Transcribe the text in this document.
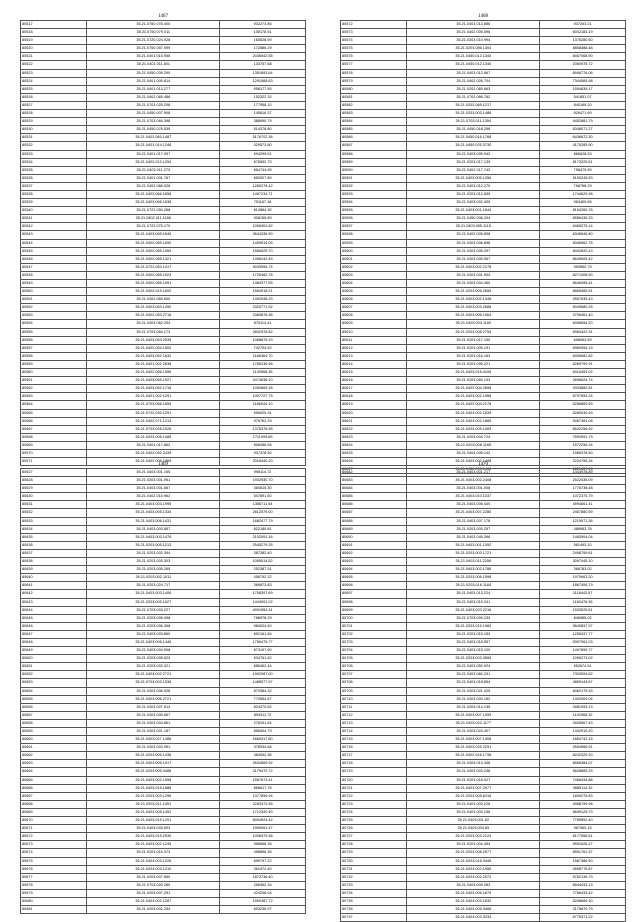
1467
80517	35.21.0750.078.400	932273.86
80518	35.21.0750.079.011	108178.51
80519	35.21.0720.024.928	165528.59
80520	35.21.0750.057.999	172686.29
80521	35.21.0401.015.955	2036542.55
80522	35.21.0401.011.601	133757.68
80523	35.21.0450.039.290	1351893.64
80524	35.21.0401.005.814	1291568.63
80525	35.21.0401.013.277	958177.55
80526	35.21.0402.065.486	152322.32
80527	35.21.0703.025.206	177958.10
80528	35.21.0450.007.908	140816.37
80529	35.21.0703.084.398	388990.79
80530	35.21.0450.076.539	514378.80
80531	35.21.0402.063.1487	5176702.36
80532	35.21.0401.014.1248	329573.80
80533	35.21.0401.017.097	594299.61
80534	35.21.0402.013.1254	876552.70
80535	35.21.0402.011.273	854744.65
80536	35.21.0401.001.767	850927.80
80537	35.21.0402.066.926	1280278.42
80538	35.21.0402.066.1658	1467234.71
80539	35.21.0403.066.1638	751167.18
80540	35.21.0722.050.268	814884.30
80541	35.21.0402.011.1166	908156.89
80542	35.21.0722.075.170	1056302.82
80543	35.21.0403.065.1646	3644336.90
80544	35.21.0402.065.1690	1459914.09
80545	35.21.0402.065.1559	1566529.70
80546	35.21.0402.065.1321	1398142.49
80547	35.21.0722.053.1417	3033996.74
80548	35.21.0402.065.1923	1725482.76
80549	35.21.0402.065.1591	1384377.55
80550	35.21.0402.015.1602	1564918.21
80551	35.21.0402.065.600	1392948.29
80552	35.21.0403.053.1490	2325771.92
80553	35.21.0402.053.2716	2365876.36
80554	35.21.0403.062.254	675114.41
80555	35.21.0703.064.173	2602976.82
80556	35.21.0403.053.2539	1058675.19
80557	35.21.0402.054.1502	742794.52
80558	35.21.0403.052.1632	1186364.70
80559	35.21.0401.002.2638	1785236.56
80560	35.21.0402.066.1596	1130568.35
80561	35.21.0403.065.1927	2474636.10
80562	35.21.0403.052.1716	1050869.18
80563	35.21.0401.002.1291	1097727.75
80564	35.21.0703.066.1659	1186044.10
80565	35.21.0722.032.1291	596029.31
80566	35.21.0402.071.1213	976762.29
80567	35.21.0703.028.1526	1376376.55
80568	35.21.0203.006.1085	1711099.69
80569	35.21.0401.017.662	508456.55
80570	35.21.0402.052.2439	937478.30
80571	35.21.0402.006.1869	2016440.20
1468
80572	35.21.0403.013.686	937263.21
80573	35.21.0402.005.596	6042183.19
80574	35.21.0203.010.994	1375280.50
80575	35.21.0203.086.1304	8858488.48
80576	35.21.0450.012.1340	8467068.90
80577	35.21.0450.012.1340	2060976.72
80578	35.21.0403.012.667	8946776.06
80579	35.21.0402.026.704	7344565.98
80580	35.21.0202.065.663	1554839.17
80581	35.21.0702.066.762	541851.07
80582	35.21.0202.065.1217	840169.20
80583	35.21.0203.003.1486	826471.69
80584	35.21.0703.011.1354	4452881.79
80585	35.21.0450.018.258	6348071.27
80586	35.21.0450.016.1768	6436672.30
80587	35.21.0450.025.3730	4175285.90
80588	35.21.0403.005.942	866628.53
80589	35.21.0203.017.139	8173225.51
80590	35.21.0402.017.742	758479.99
80591	35.21.0402.005.1256	5150245.53
80592	35.21.0403.012.270	768798.29
80593	35.21.0203.012.835	1744620.98
80594	35.21.0403.002.405	963469.66
80595	35.21.0403.001.1644	8154260.76
80596	35.21.0450.006.204	6556435.33
80597	35.21.0403.055.1115	6465075.14
80598	35.21.0402.005.898	6346546.80
80599	35.21.0403.006.698	8346962.78
80600	35.21.0403.005.297	8442820.43
80601	35.21.0403.005.967	8649505.42
80602	35.21.0403.002.2178	953960.79
80603	35.21.0403.001.904	8271008.90
80604	35.21.0403.004.460	8646496.41
80605	35.21.0203.005.2655	8869465.91
80606	35.21.0403.002.1346	2557635.43
80607	35.21.0403.003.2688	5049580.25
80608	35.21.0403.006.1964	2796461.40
80609	35.21.0403.003.1160	6456694.20
80610	35.21.0203.006.2754	6983422.31
80611	35.21.0203.017.190	658063.59
80612	35.21.0203.005.191	6969054.19
80613	35.21.0203.016.163	6495682.82
80614	35.21.0203.095.221	6269799.91
80615	35.21.0403.016.4108	6416454.02
80616	35.21.0203.060.133	2696624.74
80617	35.21.0402.004.2698	9333882.81
80618	35.21.0403.002.1968	6797694.24
80619	35.21.0402.004.2178	5256869.59
80620	35.21.0403.002.1639	5280030.49
80621	35.21.0403.002.1865	5457481.08
80622	35.21.0203.005.1083	6542256.92
80623	35.21.0203.004.724	7593991.79
80624	35.21.0203.008.1165	1572296.24
80625	35.21.0404.005.142	1985378.50
80626	35.21.0403.002.1498	2224755.34
80627	35.21.0450.003.1406	6621457.43
1469
80627	35.21.0403.001.165	998114.72
80628	35.21.0203.001.951	1932930.70
80629	35.21.0403.001.667	360615.30
80630	35.21.0402.015.962	547891.60
80631	35.21.0403.003.1995	1356711.64
80632	35.21.0403.005.1334	2612579.00
80633	35.21.0403.006.1431	1682477.79
80634	35.21.0403.003.857	822180.81
80635	35.21.0403.003.1476	2102091.16
80636	35.21.0203.005.1213	2545279.25
80637	35.21.0203.002.394	387382.40
80638	35.21.0203.003.303	1055514.52
80639	35.21.0203.005.265	252387.31
80640	35.21.0203.002.1011	456752.22
80641	35.21.0203.024.717	369873.83
80642	35.21.0403.003.1406	1758397.69
80643	35.21.0203.005.1627	1444002.02
80644	35.21.0703.003.227	4091553.31
80645	35.21.0203.005.098	788978.29
80646	35.21.0203.006.368	984024.40
80647	35.21.0403.003.860	892161.84
80648	35.21.0403.006.1446	1756475.77
80649	35.21.0403.004.908	873197.90
80650	35.21.0203.005.523	534761.62
80651	35.21.0203.003.321	885462.44
80652	35.21.0403.002.2721	1992087.00
80653	35.21.0703.003.1536	1485577.97
80654	35.21.0403.006.928	879384.32
80655	35.21.0403.006.2721	774954.67
80656	35.21.0403.007.513	824370.82
80657	35.21.0403.005.667	894311.72
80658	35.21.0403.004.861	278151.84
80659	35.21.0403.001.187	856404.79
80660	35.21.0403.027.1486	1669317.60
80661	35.21.0403.003.951	378934.66
80662	35.21.0203.005.1436	384932.36
80663	35.21.0403.005.1917	2632669.92
80664	35.21.0203.005.3488	2179472.72
80665	35.21.0403.002.1598	1567673.41
80666	35.21.0403.015.1688	856617.76
80667	35.21.0203.003.1296	1377896.94
80668	35.21.0203.011.1491	2283372.55
80669	35.21.0403.005.1452	1712340.49
80670	35.21.0403.015.1201	8494924.42
80671	35.21.0403.043.903	1995061.47
80672	35.21.0403.015.2930	1006979.36
80673	35.21.0403.002.1245	956668.35
80674	35.21.0203.016.373	498896.35
80675	35.21.0403.003.1226	899797.22
80676	35.21.0203.003.1210	361572.40
80677	35.21.0203.007.850	1873736.40
80678	35.21.0703.020.260	256362.34
80679	35.21.0203.007.251	424206.04
80680	35.21.0403.002.1287	1990387.72
80681	35.21.0203.002.254	893235.97
1470
80682	35.21.0403.001.217	1343978.89
80683	35.21.0403.002.2408	2522035.09
80684	35.21.0403.001.008	1776738.48
80685	35.21.0403.010.1037	1072375.79
80686	35.21.0403.006.440	4994661.41
80687	35.21.0403.007.2280	2467880.59
80688	35.21.0403.007.178	1215971.36
80689	35.21.0203.003.257	488963.78
80690	35.21.0403.045.396	1483904.04
80691	35.21.0403.001.1392	581493.10
80692	35.21.0203.003.1721	2498759.61
80693	35.21.0403.011.2256	3097445.10
80694	35.21.0403.002.1786	366783.02
80695	35.21.0203.006.1998	1970663.20
80696	35.21.0203.016.1184	1867406.79
80697	35.21.0403.013.224	1118443.57
80698	35.21.0403.019.241	1160476.35
80699	35.21.0403.020.2216	1533025.51
80700	35.21.0703.009.233	846585.02
80701	35.21.0203.015.1983	5540837.97
80702	35.21.0203.015.153	1255437.77
80703	35.21.0403.018.557	5397962.03
80704	35.21.0403.015.100	1497899.77
80705	35.21.0203.003.3565	1096273.02
80706	35.21.0403.050.924	552674.51
80707	35.21.0403.060.231	7303594.62
80708	35.21.0403.018.654	4899144.67
80709	35.21.0403.021.425	6462175.53
80710	35.21.0403.003.182	1302909.04
80711	35.21.0203.014.135	3481093.13
80712	35.21.0403.007.1099	1192965.32
80713	35.21.0403.022.1177	3426967.49
80714	35.21.0403.024.407	1342919.20
80715	35.21.0403.007.1408	1854742.15
80716	35.21.0403.025.2291	2554966.91
80717	35.21.0402.016.1746	8242329.20
80718	35.21.0403.013.348	6566384.07
80719	35.21.0403.003.248	5628885.29
80720	35.21.0203.018.027	7456434.88
80721	35.21.0403.007.2977	4685114.32
80722	35.21.0203.005.6216	1609275.83
80723	35.21.0403.003.226	4988799.96
80724	35.21.0403.003.196	6649125.79
80725	35.21.0403.001.52	7789552.40
80726	35.21.0403.004.65	967060.15
80727	35.21.0203.003.2124	6177068.51
80728	35.21.0203.004.454	9931626.27
80729	35.21.0203.006.2977	6591761.37
80730	35.21.0203.016.3446	1587386.50
80731	35.21.0203.002.1956	4598776.87
80732	35.21.0203.002.2072	5762136.79
80733	35.21.0403.009.283	6544433.13
80734	35.21.0403.006.1679	7766433.42
80735	35.21.0403.003.1632	5208689.30
80736	35.21.0403.005.3466	2176870.79
80737	35.21.0403.003.3234	6775371.22
